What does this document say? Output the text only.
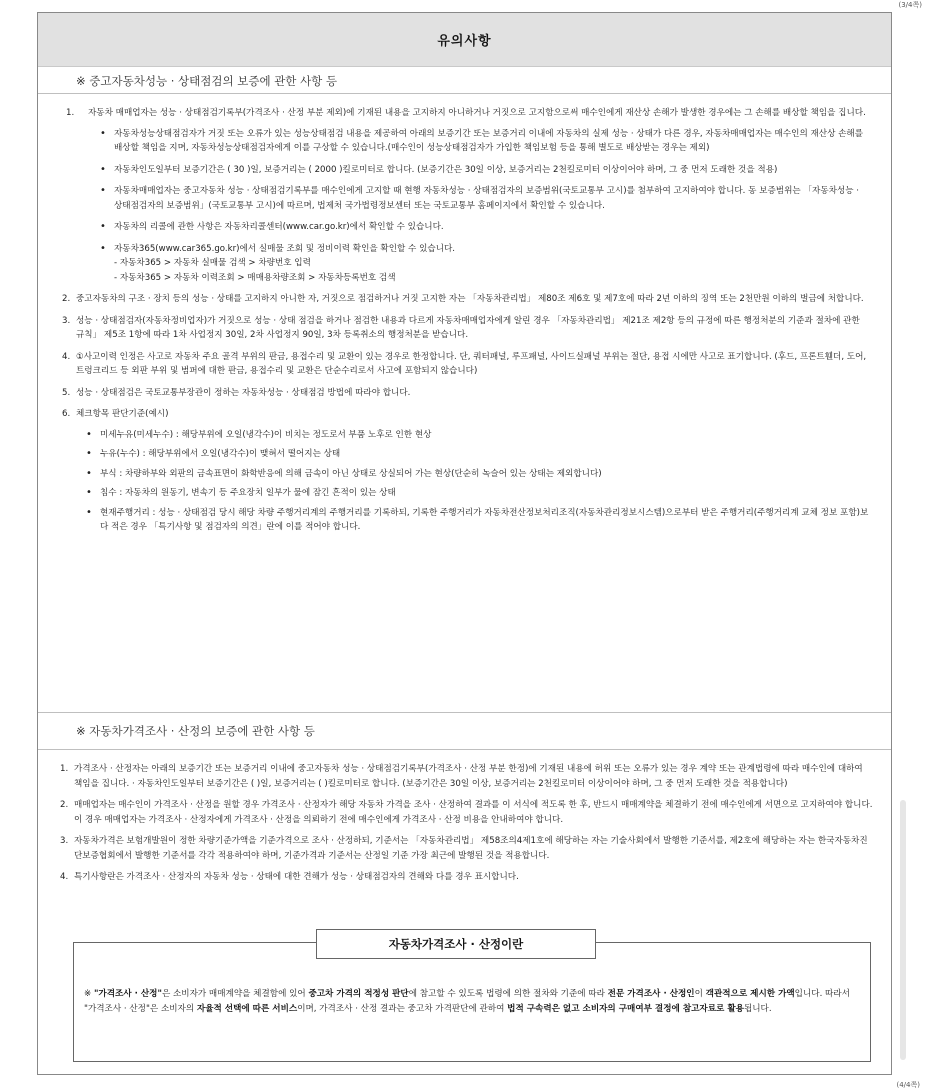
(3/4쪽)
유의사항
※ 중고자동차성능 · 상태점검의 보증에 관한 사항 등
1. 자동차 매매업자는 성능 · 상태점검기록부(가격조사 · 산정 부분 제외)에 기재된 내용을 고지하지 아니하거나 거짓으로 고지함으로써 매수인에게 재산상 손해가 발생한 경우에는 그 손해를 배상할 책임을 집니다.
• 자동차성능상태점검자가 거짓 또는 오류가 있는 성능상태점검 내용을 제공하여 아래의 보증기간 또는 보증거리 이내에 자동차의 실제 성능 · 상태가 다른 경우, 자동차매매업자는 매수인의 재산상 손해를 배상할 책임을 지며, 자동차성능상태점검자에게 이를 구상할 수 있습니다.(매수인이 성능상태점검자가 가입한 책임보험 등을 통해 별도로 배상받는 경우는 제외)
• 자동차인도일부터 보증기간은 ( 30 )일, 보증거리는 ( 2000 )킬로미터로 합니다. (보증기간은 30일 이상, 보증거리는 2천킬로미터 이상이어야 하며, 그 중 먼저 도래한 것을 적용)
• 자동차매매업자는 중고자동차 성능 · 상태점검기록부를 매수인에게 고지할 때 현행 자동차성능 · 상태점검자의 보증범위(국토교통부 고시)를 첨부하여 고지하여야 합니다. 동 보증범위는 「자동차성능 · 상태점검자의 보증범위」(국토교통부 고시)에 따르며, 법제처 국가법령정보센터 또는 국토교통부 홈페이지에서 확인할 수 있습니다.
• 자동차의 리콜에 관한 사항은 자동차리콜센터(www.car.go.kr)에서 확인할 수 있습니다.
• 자동차365(www.car365.go.kr)에서 실매물 조회 및 정비이력 확인을 확인할 수 있습니다.
- 자동차365 > 자동차 실매물 검색 > 차량번호 입력
- 자동차365 > 자동차 이력조회 > 매매용차량조회 > 자동차등록번호 검색
2. 중고자동차의 구조 · 장치 등의 성능 · 상태를 고지하지 아니한 자, 거짓으로 점검하거나 거짓 고지한 자는 「자동차관리법」 제80조 제6호 및 제7호에 따라 2년 이하의 징역 또는 2천만원 이하의 벌금에 처합니다.
3. 성능 · 상태점검자(자동차정비업자)가 거짓으로 성능 · 상태 점검을 하거나 점검한 내용과 다르게 자동차매매업자에게 알린 경우 「자동차관리법」 제21조 제2항 등의 규정에 따른 행정처분의 기준과 절차에 관한 규칙」 제5조 1항에 따라 1차 사업정지 30일, 2차 사업정지 90일, 3차 등록취소의 행정처분을 받습니다.
4. ①사고이력 인정은 사고로 자동차 주요 골격 부위의 판금, 용접수리 및 교환이 있는 경우로 한정합니다. 단, 쿼터패널, 루프패널, 사이드실패널 부위는 절단, 용접 시에만 사고로 표기합니다. (후드, 프론트휀더, 도어, 트렁크리드 등 외판 부위 및 범퍼에 대한 판금, 용접수리 및 교환은 단순수리로서 사고에 포함되지 않습니다)
5. 성능 · 상태점검은 국토교통부장관이 정하는 자동차성능 · 상태점검 방법에 따라야 합니다.
6. 체크항목 판단기준(예시)
• 미세누유(미세누수) : 해당부위에 오일(냉각수)이 비치는 정도로서 부품 노후로 인한 현상
• 누유(누수) : 해당부위에서 오일(냉각수)이 맺혀서 떨어지는 상태
• 부식 : 차량하부와 외판의 금속표면이 화학반응에 의해 금속이 아닌 상태로 상실되어 가는 현상(단순히 녹슬어 있는 상태는 제외합니다)
• 침수 : 자동차의 원동기, 변속기 등 주요장치 일부가 물에 잠긴 흔적이 있는 상태
• 현재주행거리 : 성능 · 상태점검 당시 해당 차량 주행거리계의 주행거리를 기록하되, 기록한 주행거리가 자동차전산정보처리조직(자동차관리정보시스템)으로부터 받은 주행거리(주행거리계 교체 정보 포함)보다 적은 경우 「특기사항 및 점검자의 의견」란에 이를 적어야 합니다.
※ 자동차가격조사 · 산정의 보증에 관한 사항 등
1. 가격조사 · 산정자는 아래의 보증기간 또는 보증거리 이내에 중고자동차 성능 · 상태점검기록부(가격조사 · 산정 부분 한정)에 기재된 내용에 허위 또는 오류가 있는 경우 계약 또는 관계법령에 따라 매수인에 대하여 책임을 집니다. · 자동차인도일부터 보증기간은 ( )일, 보증거리는 ( )킬로미터로 합니다. (보증기간은 30일 이상, 보증거리는 2천킬로미터 이상이어야 하며, 그 중 먼저 도래한 것을 적용합니다)
2. 매매업자는 매수인이 가격조사 · 산정을 원할 경우 가격조사 · 산정자가 해당 자동차 가격을 조사 · 산정하여 결과를 이 서식에 적도록 한 후, 반드시 매매계약을 체결하기 전에 매수인에게 서면으로 고지하여야 합니다. 이 경우 매매업자는 가격조사 · 산정자에게 가격조사 · 산정을 의뢰하기 전에 매수인에게 가격조사 · 산정 비용을 안내하여야 합니다.
3. 자동차가격은 보험개발원이 정한 차량기준가액을 기준가격으로 조사 · 산정하되, 기준서는 「자동차관리법」 제58조의4제1호에 해당하는 자는 기술사회에서 발행한 기준서를, 제2호에 해당하는 자는 한국자동차진단보증협회에서 발행한 기준서를 각각 적용하여야 하며, 기준가격과 기준서는 산정일 기준 가장 최근에 발행된 것을 적용합니다.
4. 특기사항란은 가격조사 · 산정자의 자동차 성능 · 상태에 대한 견해가 성능 · 상태점검자의 견해와 다를 경우 표시합니다.
자동차가격조사 · 산정이란
※ "가격조사 · 산정"은 소비자가 매매계약을 체결함에 있어 중고차 가격의 적정성 판단에 참고할 수 있도록 법령에 의한 절차와 기준에 따라 전문 가격조사 · 산정인이 객관적으로 제시한 가액입니다. 따라서 "가격조사 · 산정"은 소비자의 자율적 선택에 따른 서비스이며, 가격조사 · 산정 결과는 중고차 가격판단에 관하여 법적 구속력은 없고 소비자의 구매여부 결정에 참고자료로 활용됩니다.
(4/4쪽)
